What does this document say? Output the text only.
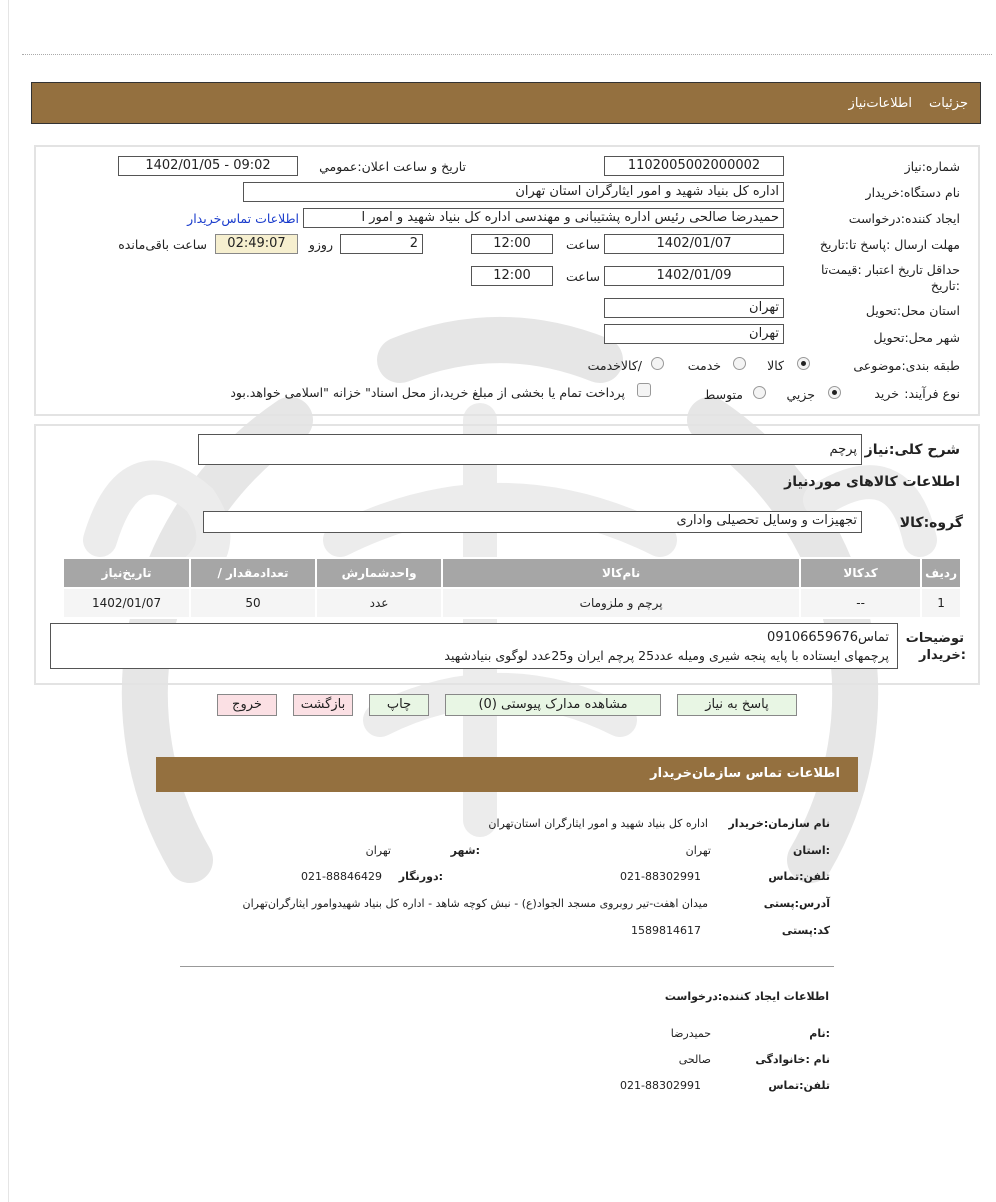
جزئیات
اطلاعات‌نیاز
شماره:نیاز
1102005002000002
تاریخ و ساعت اعلان:عمومي
1402/01/05 - 09:02
نام دستگاه:خریدار
اداره کل بنیاد شهید و امور ایثارگران استان تهران
ایجاد کننده:درخواست
حمیدرضا صالحی رئیس اداره پشتیبانی و مهندسی اداره کل بنیاد شهید و امور ا
اطلاعات تماس‌خریدار
مهلت ارسال :پاسخ تا:تاریخ
1402/01/07
ساعت
12:00
2
روزو
02:49:07
ساعت باقی‌مانده
حداقل تاریخ اعتبار :قیمت‌تا
:تاریخ
1402/01/09
ساعت
12:00
استان محل:تحویل
تهران
شهر محل:تحویل
تهران
طبقه بندی:موضوعی
کالا
خدمت
/کالاخدمت
نوع فرآیند:
خرید
جزيي
متوسط
پرداخت تمام یا بخشی از مبلغ خرید،از محل اسناد" خزانه "اسلامی خواهد.بود
شرح کلی:نیاز
پرچم
اطلاعات کالاهای موردنیاز
گروه:کالا
تجهیزات و وسایل تحصیلی واداری
تاریخ‌نیاز	/ تعدادمقدار	واحدشمارش	نام‌کالا	کدکالا	ردیف
1402/01/07	50	عدد	پرچم و ملزومات	--	1
توضیحات
:خریدار
تماس09106659676
پرچمهای ایستاده با پایه پنجه شیری ومیله عدد25 پرچم ایران و25عدد لوگوی بنیادشهید
پاسخ به نیاز
مشاهده مدارک پیوستی (0)
چاپ
بازگشت
خروج
اطلاعات تماس سازمان‌خریدار
نام سازمان:خریدار
اداره کل بنیاد شهید و امور ایثارگران استان‌تهران
:استان
تهران
:شهر
تهران
تلفن:تماس
021-88302991
:دورنگار
021-88846429
آدرس:پستی
میدان اهفت-تیر روبروی مسجد الجواد(ع) - نبش کوچه شاهد - اداره کل بنیاد شهیدوامور ایثارگران‌تهران
کد:پستی
1589814617
اطلاعات ایجاد کننده:درخواست
:نام
حمیدرضا
نام :خانوادگی
صالحی
تلفن:تماس
021-88302991
